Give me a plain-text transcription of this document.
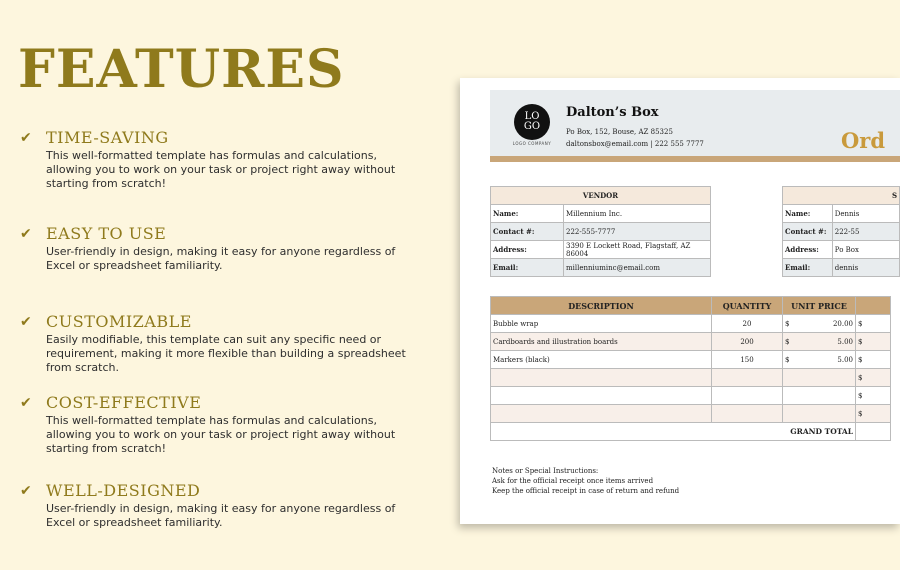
FEATURES
✔ TIME-SAVING
This well-formatted template has formulas and calculations,
allowing you to work on your task or project right away without
starting from scratch!
✔ EASY TO USE
User-friendly in design, making it easy for anyone regardless of
Excel or spreadsheet familiarity.
✔ CUSTOMIZABLE
Easily modifiable, this template can suit any specific need or
requirement, making it more flexible than building a spreadsheet
from scratch.
✔ COST-EFFECTIVE
This well-formatted template has formulas and calculations,
allowing you to work on your task or project right away without
starting from scratch!
✔ WELL-DESIGNED
User-friendly in design, making it easy for anyone regardless of
Excel or spreadsheet familiarity.
LO
GO
LOGO COMPANY
Dalton’s Box
Po Box, 152, Bouse, AZ 85325
daltonsbox@email.com | 222 555 7777	Ord
VENDOR	
Name:	Millennium Inc.
Contact #:	222-555-7777
Address:	3390 E Lockett Road, Flagstaff, AZ 86004
Email:	millenniuminc@email.com
S	
Name:	Dennis
Contact #:	222-55
Address:	Po Box
Email:	dennis
DESCRIPTION	QUANTITY	UNIT PRICE	
Bubble wrap	20	$ 20.00	$

Cardboards and illustration boards	200	$ 5.00	$

Markers (black)	150	$ 5.00	$

			$

			$

			$

GRAND TOTAL			
Notes or Special Instructions:
Ask for the official receipt once items arrived
Keep the official receipt in case of return and refund
